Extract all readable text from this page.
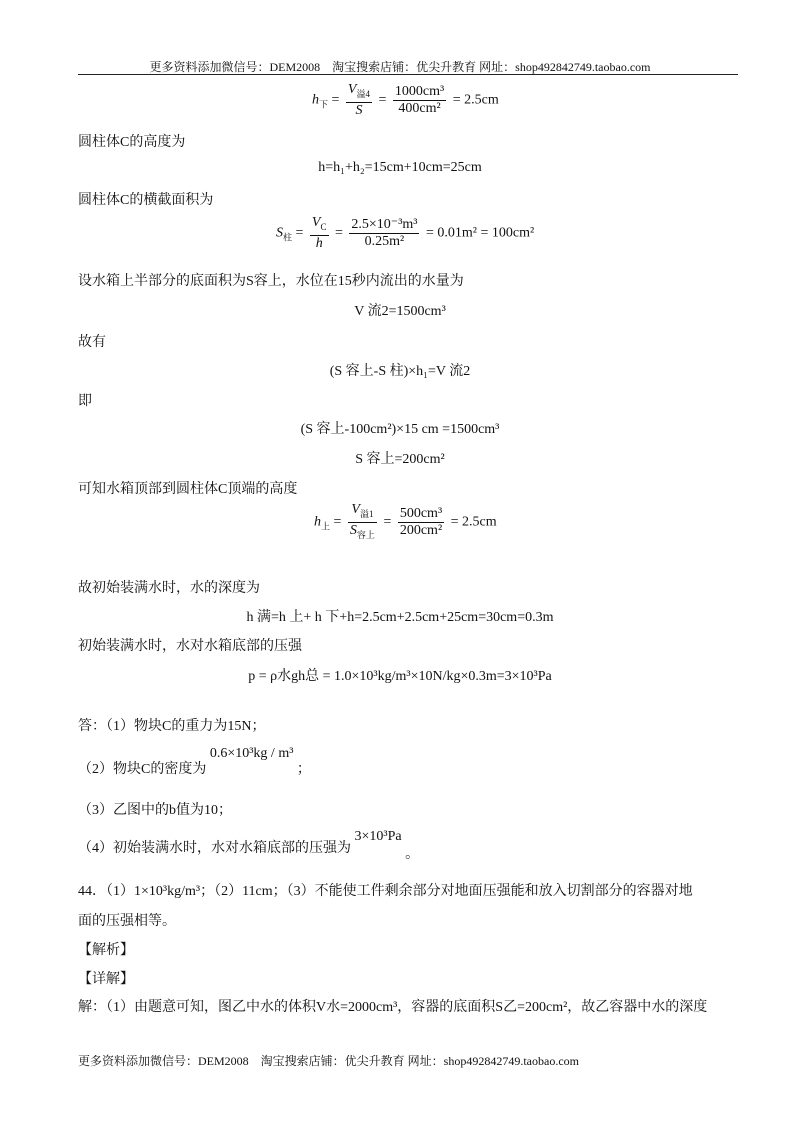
更多资料添加微信号：DEM2008　淘宝搜索店铺：优尖升教育 网址：shop492842749.taobao.com
$h_下 = \frac{V_{溢4}}{S} = \frac{\text{1000cm³}}{\text{400cm²}} = 2.5cm$
圆柱体C的高度为
h=h₁+h₂=15cm+10cm=25cm
圆柱体C的横截面积为
$S_柱 = \frac{V_C}{h} = \frac{\text{2.5×10⁻³m³}}{\text{0.25m²}} = 0.01m^2 = 100cm^2$
设水箱上半部分的底面积为S容上，水位在15秒内流出的水量为
V 流2=1500cm³
故有
(S 容上-S 柱)×h₁=V 流2
即
(S 容上-100cm²)×15 cm =1500cm³
S 容上=200cm²
可知水箱顶部到圆柱体C顶端的高度
$h_上 = \frac{V_{溢1}}{S_{容上}} = \frac{\text{500cm³}}{\text{200cm²}} = 2.5cm$
故初始装满水时，水的深度为
h 满=h 上+ h 下+h=2.5cm+2.5cm+25cm=30cm=0.3m
初始装满水时，水对水箱底部的压强
p = ρ水gh总 = 1.0×10³kg/m³×10N/kg×0.3m=3×10³Pa
答：（1）物块C的重力为15N；
（2）物块C的密度为 0.6×10³kg / m³ ；
（3）乙图中的b值为10；
（4）初始装满水时，水对水箱底部的压强为 3×10³Pa 。
44．（1）1×10³kg/m³；（2）11cm；（3）不能使工件剩余部分对地面压强能和放入切割部分的容器对地
面的压强相等。
【解析】
【详解】
解：（1）由题意可知，图乙中水的体积V水=2000cm³，容器的底面积S乙=200cm²，故乙容器中水的深度
更多资料添加微信号：DEM2008　淘宝搜索店铺：优尖升教育 网址：shop492842749.taobao.com
